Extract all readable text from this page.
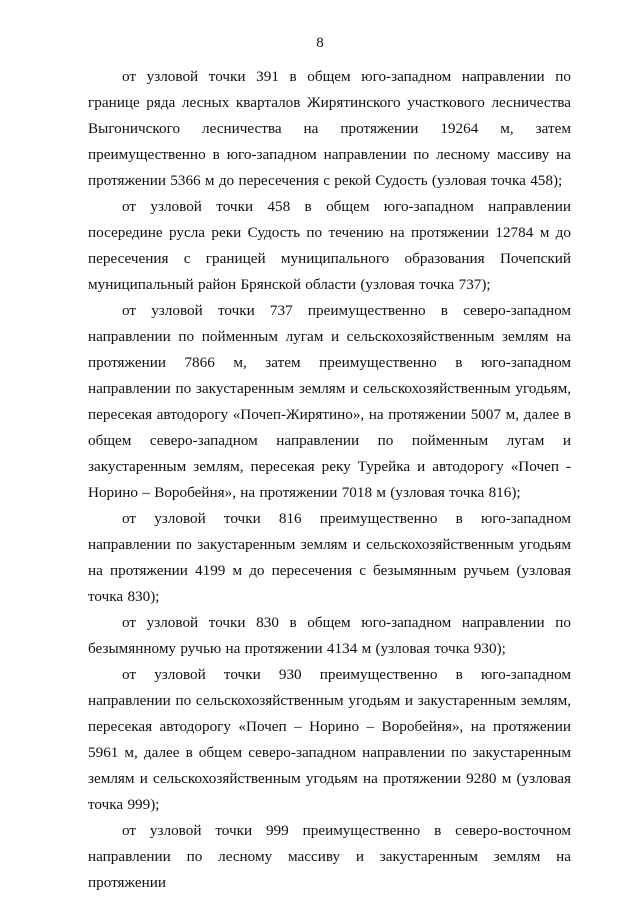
8

от узловой точки 391 в общем юго-западном направлении по границе ряда лесных кварталов Жирятинского участкового лесничества Выгоничского лесничества на протяжении 19264 м, затем преимущественно в юго-западном направлении по лесному массиву на протяжении 5366 м до пересечения с рекой Судость (узловая точка 458);

от узловой точки 458 в общем юго-западном направлении посередине русла реки Судость по течению на протяжении 12784 м до пересечения с границей муниципального образования Почепский муниципальный район Брянской области (узловая точка 737);

от узловой точки 737 преимущественно в северо-западном направлении по пойменным лугам и сельскохозяйственным землям на протяжении 7866 м, затем преимущественно в юго-западном направлении по закустаренным землям и сельскохозяйственным угодьям, пересекая автодорогу «Почеп-Жирятино», на протяжении 5007 м, далее в общем северо-западном направлении по пойменным лугам и закустаренным землям, пересекая реку Турейка и автодорогу «Почеп - Норино – Воробейня», на протяжении 7018 м (узловая точка 816);

от узловой точки 816 преимущественно в юго-западном направлении по закустаренным землям и сельскохозяйственным угодьям на протяжении 4199 м до пересечения с безымянным ручьем (узловая точка 830);

от узловой точки 830 в общем юго-западном направлении по безымянному ручью на протяжении 4134 м (узловая точка 930);

от узловой точки 930 преимущественно в юго-западном направлении по сельскохозяйственным угодьям и закустаренным землям, пересекая автодорогу «Почеп – Норино – Воробейня», на протяжении 5961 м, далее в общем северо-западном направлении по закустаренным землям и сельскохозяйственным угодьям на протяжении 9280 м (узловая точка 999);

от узловой точки 999 преимущественно в северо-восточном направлении по лесному массиву и закустаренным землям на протяжении
